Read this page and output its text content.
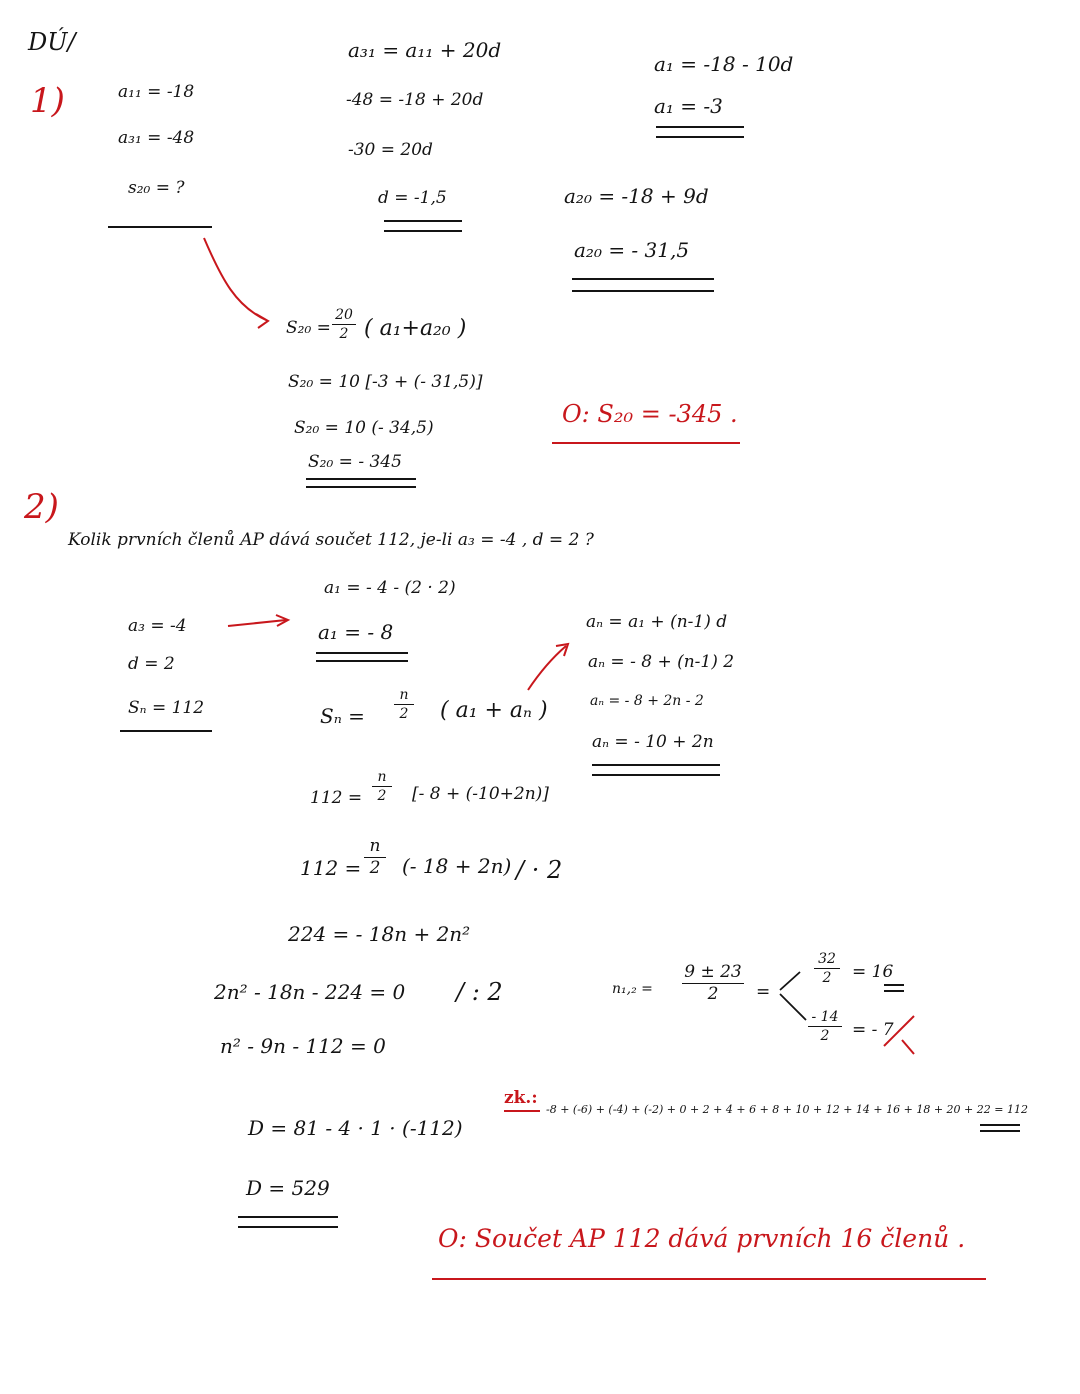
DÚ/
1)	a₁₁ = -18
a₃₁ = -48
s₂₀ = ?
a₃₁ = a₁₁ + 20d
-48 = -18 + 20d
-30 = 20d
d = -1,5
a₁ = -18 - 10d
a₁ = -3
a₂₀ = -18 + 9d
a₂₀ = - 31,5
$S_{20} = \frac{20}{2}$ ( a₁+a₂₀ )
S₂₀ = 10 [-3 + (- 31,5)]
S₂₀ = 10 (- 34,5)
S₂₀ = - 345
O: S₂₀ = -345 .
2)
Kolik prvních členů AP dává součet 112, je-li a₃ = -4 , d = 2 ?
a₃ = -4
d = 2
Sₙ = 112
a₁ = - 4 - (2 · 2)
a₁ = - 8
$S_n = \frac{n}{2}$ ( a₁ + aₙ )
aₙ = a₁ + (n-1) d
aₙ = - 8 + (n-1) 2
aₙ = - 8 + 2n - 2
aₙ = - 10 + 2n
$112 = \frac{n}{2}$ [- 8 + (-10+2n)]
$112 = \frac{n}{2}$ (- 18 + 2n) / · 2
224 = - 18n + 2n²
2n² - 18n - 224 = 0 / : 2
n² - 9n - 112 = 0
$n_1,_2 = \frac{9 \pm 23}{2}$ =
$\frac{32}{2} = 16$
$\frac{- 14}{2}$ = - 7
zk.:
-8 + (-6) + (-4) + (-2) + 0 + 2 + 4 + 6 + 8 + 10 + 12 + 14 + 16 + 18 + 20 + 22 = 112
D = 81 - 4 · 1 · (-112)
D = 529
O: Součet AP 112 dává prvních 16 členů .
